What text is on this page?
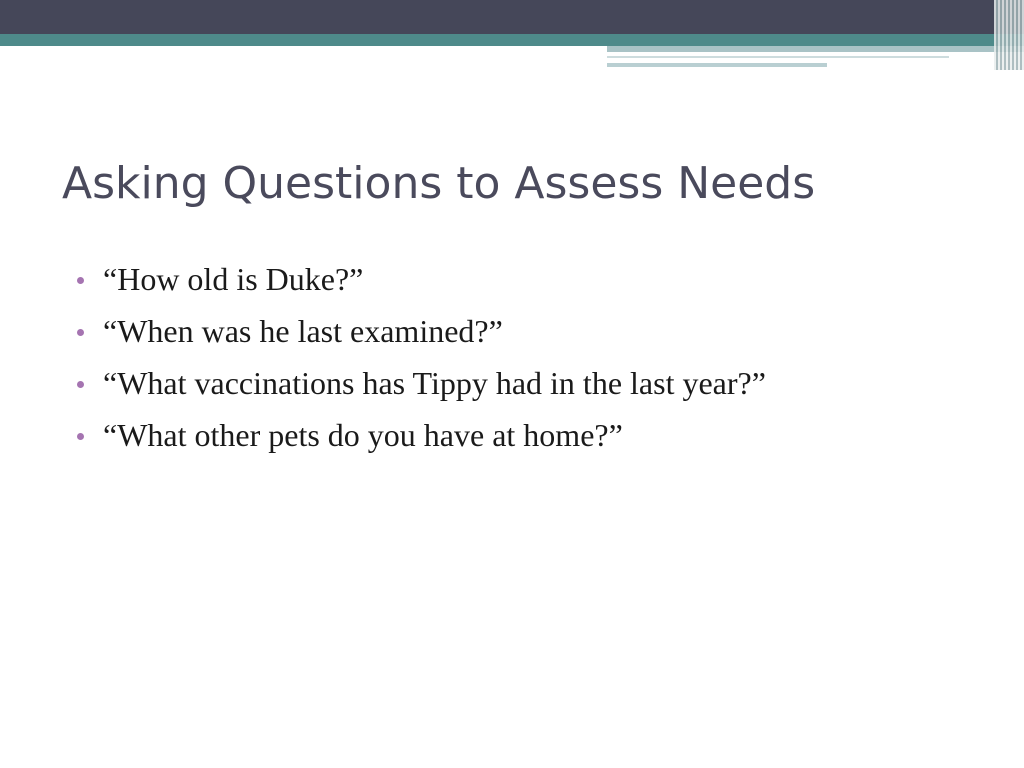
Asking Questions to Assess Needs
“How old is Duke?”
“When was he last examined?”
“What vaccinations has Tippy had in the last year?”
“What other pets do you have at home?”
